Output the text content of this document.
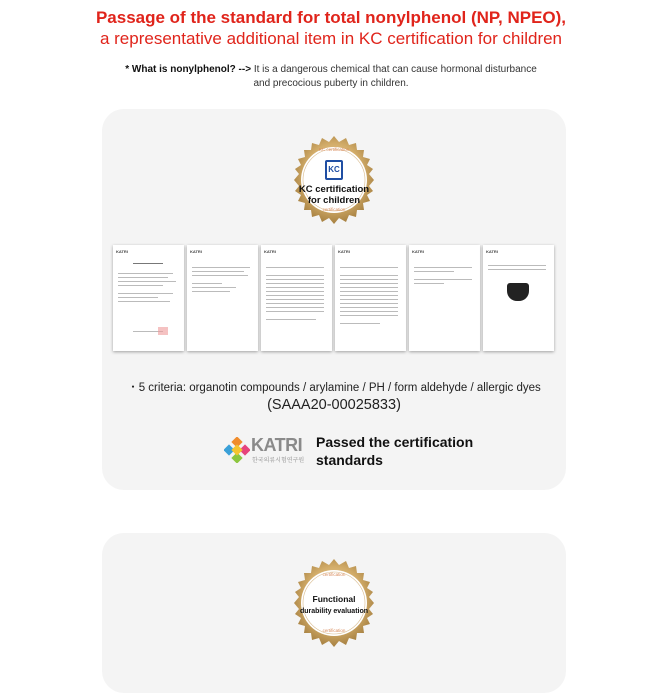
Passage of the standard for total nonylphenol (NP, NPEO),
a representative additional item in KC certification for children
* What is nonylphenol? --> It is a dangerous chemical that can cause hormonal disturbance
and precocious puberty in children.
KC
KC certification
for children
KC certification
certification
KATRI	KATRI	KATRI	KATRI	KATRI	KATRI
・5 criteria: organotin compounds / arylamine / PH / form aldehyde / allergic dyes
(SAAA20-00025833)
KATRI
한국의류시험연구원
Passed the certification
standards
Functional
durability evaluation
certification
certification
